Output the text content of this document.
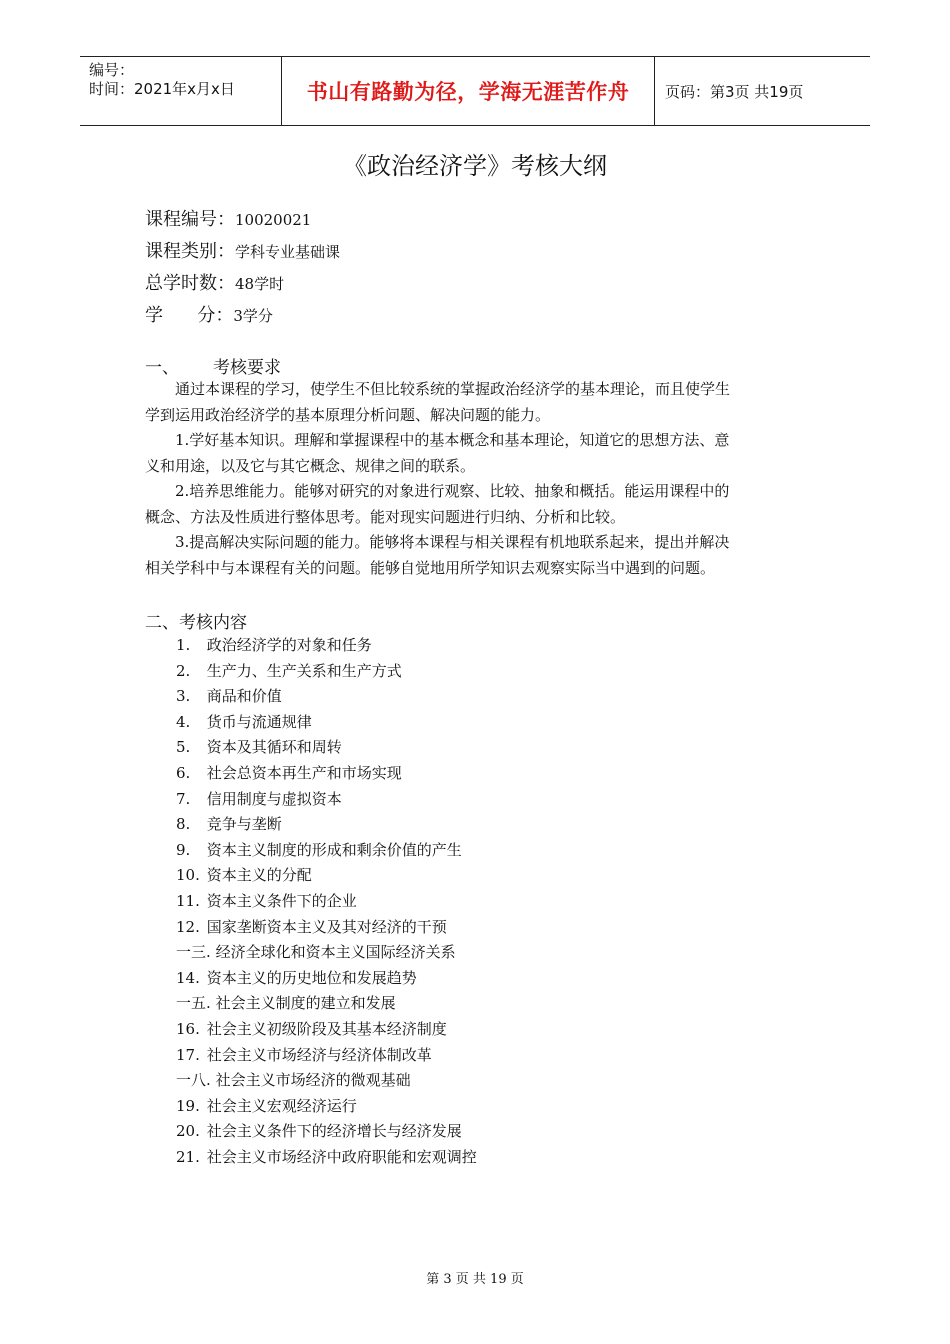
编号：
时间：2021年x月x日	书山有路勤为径，学海无涯苦作舟 页码：第3页 共19页
《政治经济学》考核大纲
课程编号：10020021
课程类别：学科专业基础课
总学时数：48学时
学      分：3学分
一、 考核要求
　　通过本课程的学习，使学生不但比较系统的掌握政治经济学的基本理论，而且使学生
学到运用政治经济学的基本原理分析问题、解决问题的能力。
　　1.学好基本知识。理解和掌握课程中的基本概念和基本理论，知道它的思想方法、意
义和用途，以及它与其它概念、规律之间的联系。
　　2.培养思维能力。能够对研究的对象进行观察、比较、抽象和概括。能运用课程中的
概念、方法及性质进行整体思考。能对现实问题进行归纳、分析和比较。
　　3.提高解决实际问题的能力。能够将本课程与相关课程有机地联系起来，提出并解决
相关学科中与本课程有关的问题。能够自觉地用所学知识去观察实际当中遇到的问题。
二、考核内容
1. 政治经济学的对象和任务
2. 生产力、生产关系和生产方式
3. 商品和价值
4. 货币与流通规律
5. 资本及其循环和周转
6. 社会总资本再生产和市场实现
7. 信用制度与虚拟资本
8. 竞争与垄断
9. 资本主义制度的形成和剩余价值的产生
10. 资本主义的分配
11. 资本主义条件下的企业
12. 国家垄断资本主义及其对经济的干预
一三. 经济全球化和资本主义国际经济关系
14. 资本主义的历史地位和发展趋势
一五. 社会主义制度的建立和发展
16. 社会主义初级阶段及其基本经济制度
17. 社会主义市场经济与经济体制改革
一八. 社会主义市场经济的微观基础
19. 社会主义宏观经济运行
20. 社会主义条件下的经济增长与经济发展
21. 社会主义市场经济中政府职能和宏观调控
第 3 页 共 19 页
